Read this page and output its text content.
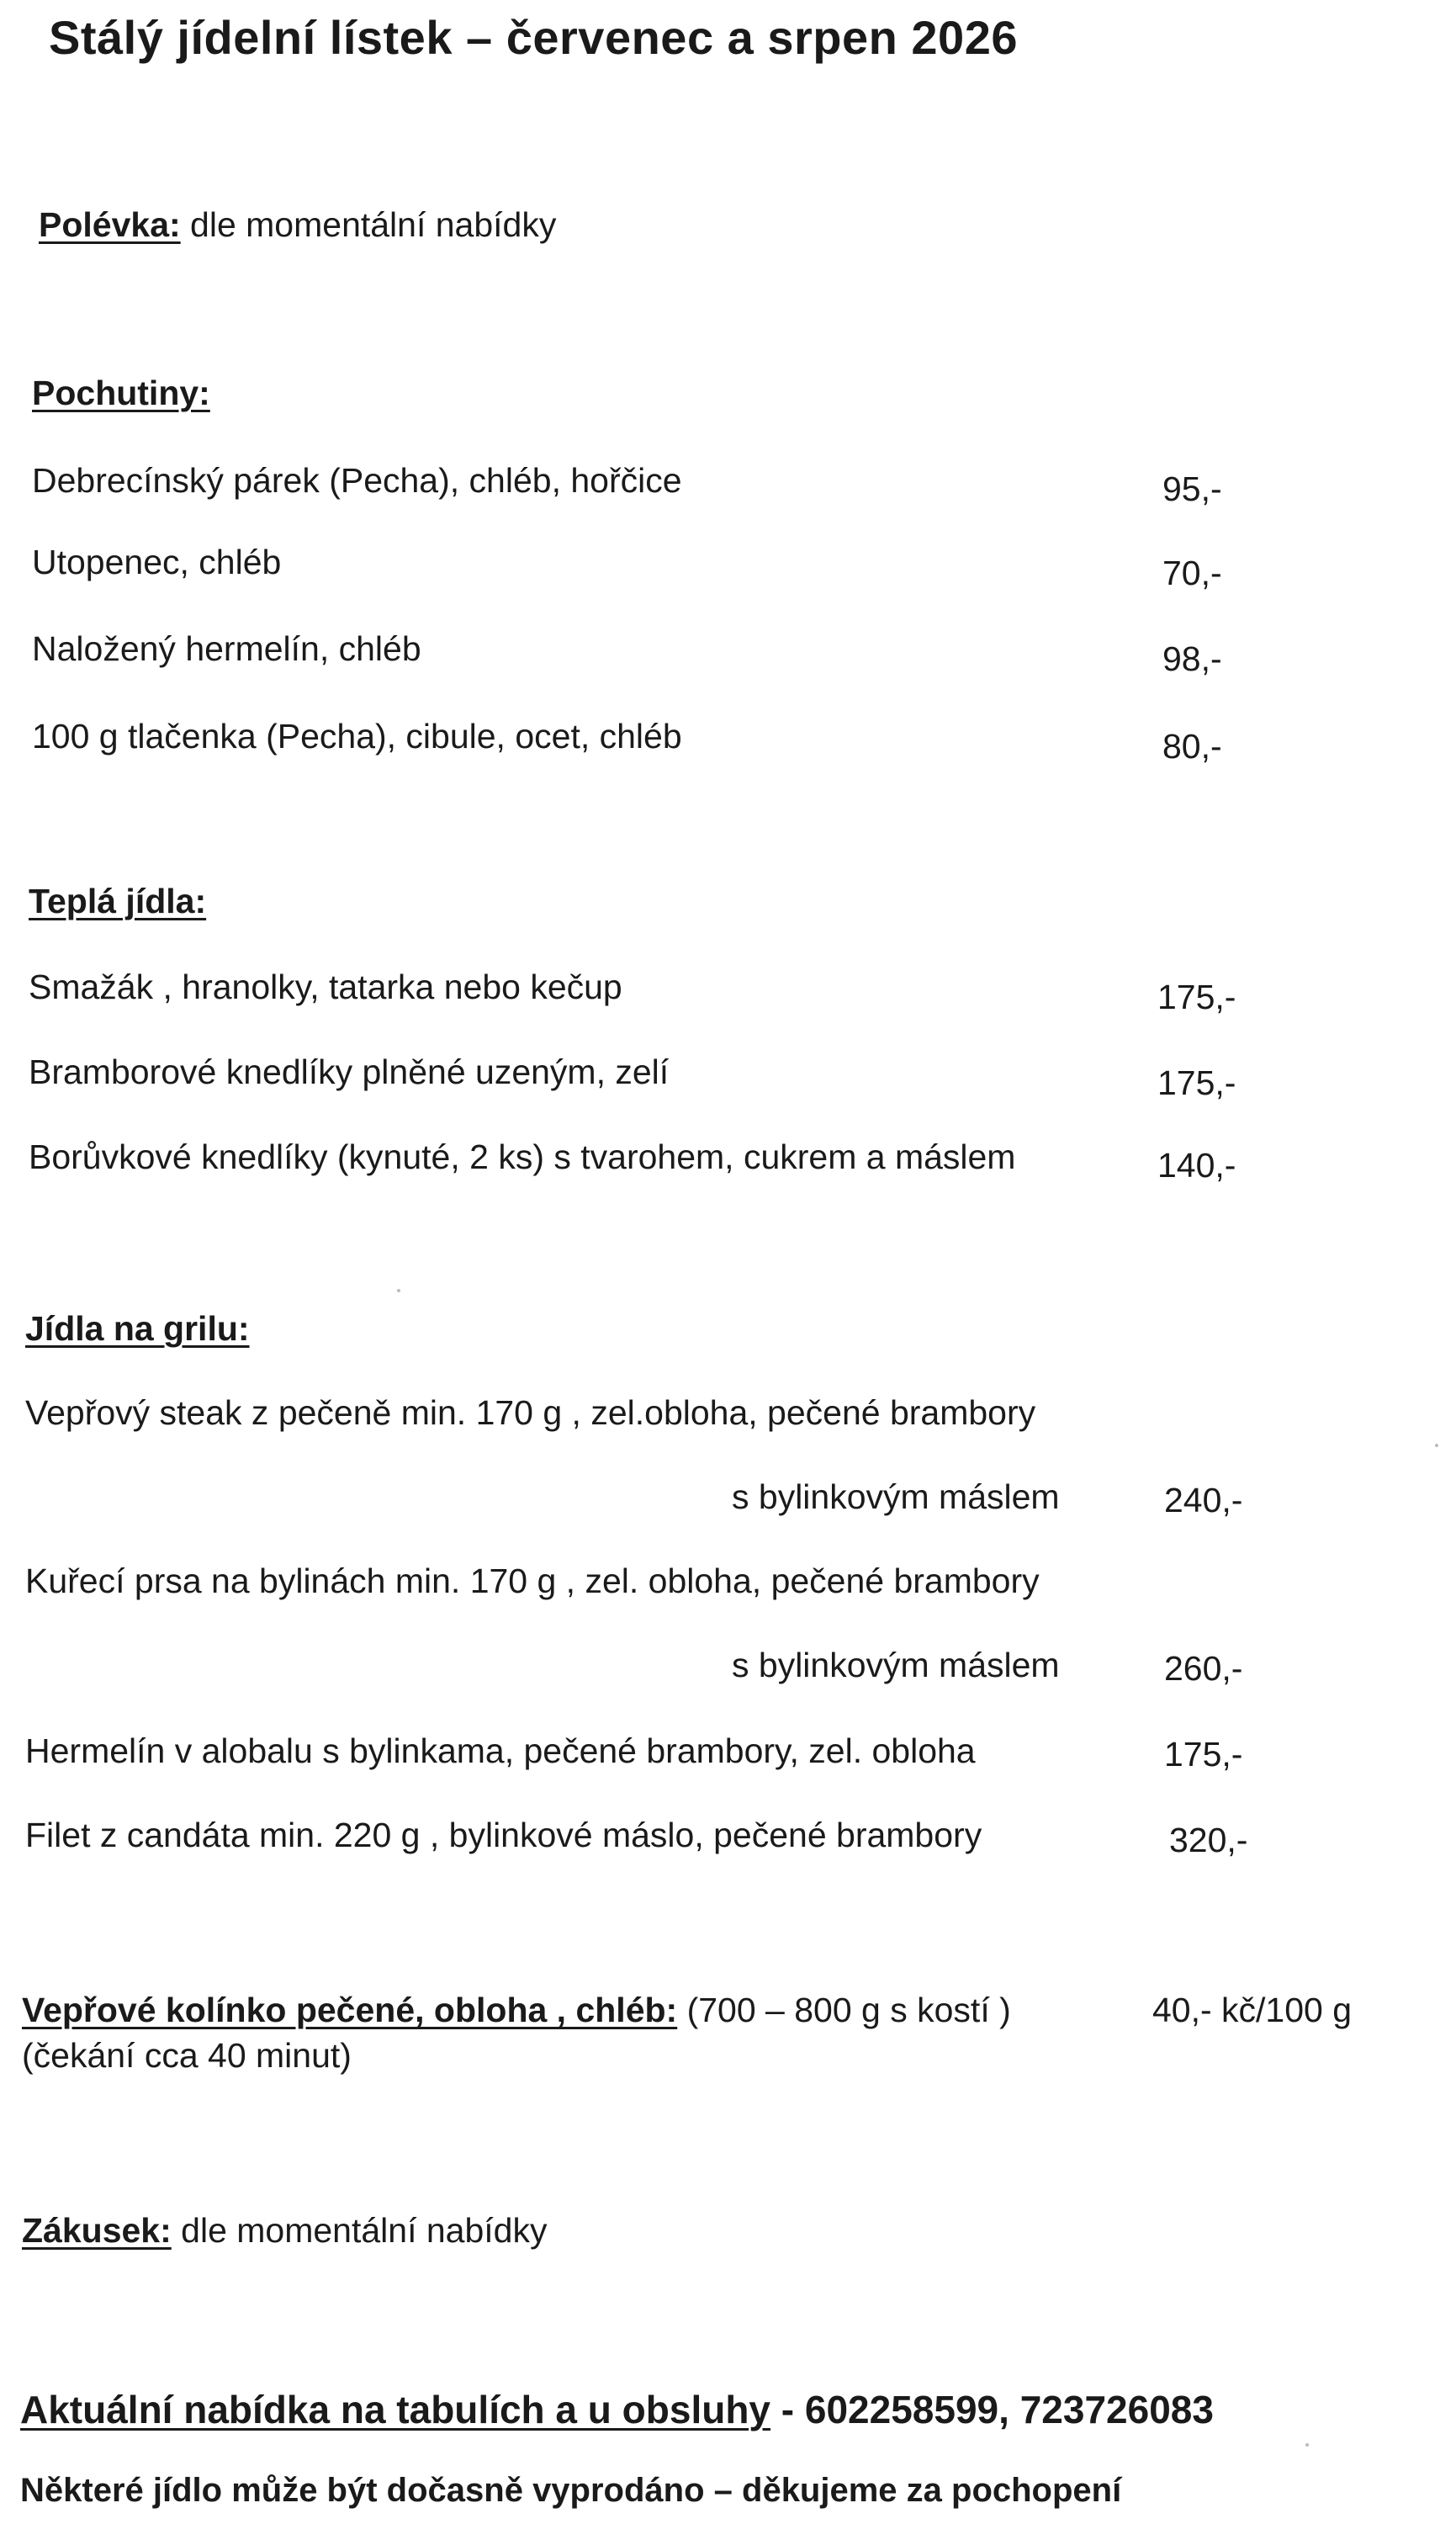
Stálý jídelní lístek – červenec a srpen 2026
Polévka: dle momentální nabídky
Pochutiny:
Debrecínský párek (Pecha), chléb, hořčice	95,-
Utopenec, chléb	70,-
Naložený hermelín, chléb	98,-
100 g tlačenka (Pecha), cibule, ocet, chléb	80,-
Teplá jídla:
Smažák , hranolky, tatarka nebo kečup	175,-
Bramborové knedlíky plněné uzeným, zelí	175,-
Borůvkové knedlíky (kynuté, 2 ks) s tvarohem, cukrem a máslem	140,-
Jídla na grilu:
Vepřový steak z pečeně min. 170 g , zel.obloha, pečené brambory
s bylinkovým máslem	240,-
Kuřecí prsa na bylinách min. 170 g , zel. obloha, pečené brambory
s bylinkovým máslem	260,-
Hermelín v alobalu s bylinkama, pečené brambory, zel. obloha	175,-
Filet z candáta min. 220 g , bylinkové máslo, pečené brambory	320,-
Vepřové kolínko pečené, obloha , chléb: (700 – 800 g s kostí )	40,- kč/100 g
(čekání cca 40 minut)
Zákusek: dle momentální nabídky
Aktuální nabídka na tabulích a u obsluhy - 602258599, 723726083
Některé jídlo může být dočasně vyprodáno – děkujeme za pochopení
